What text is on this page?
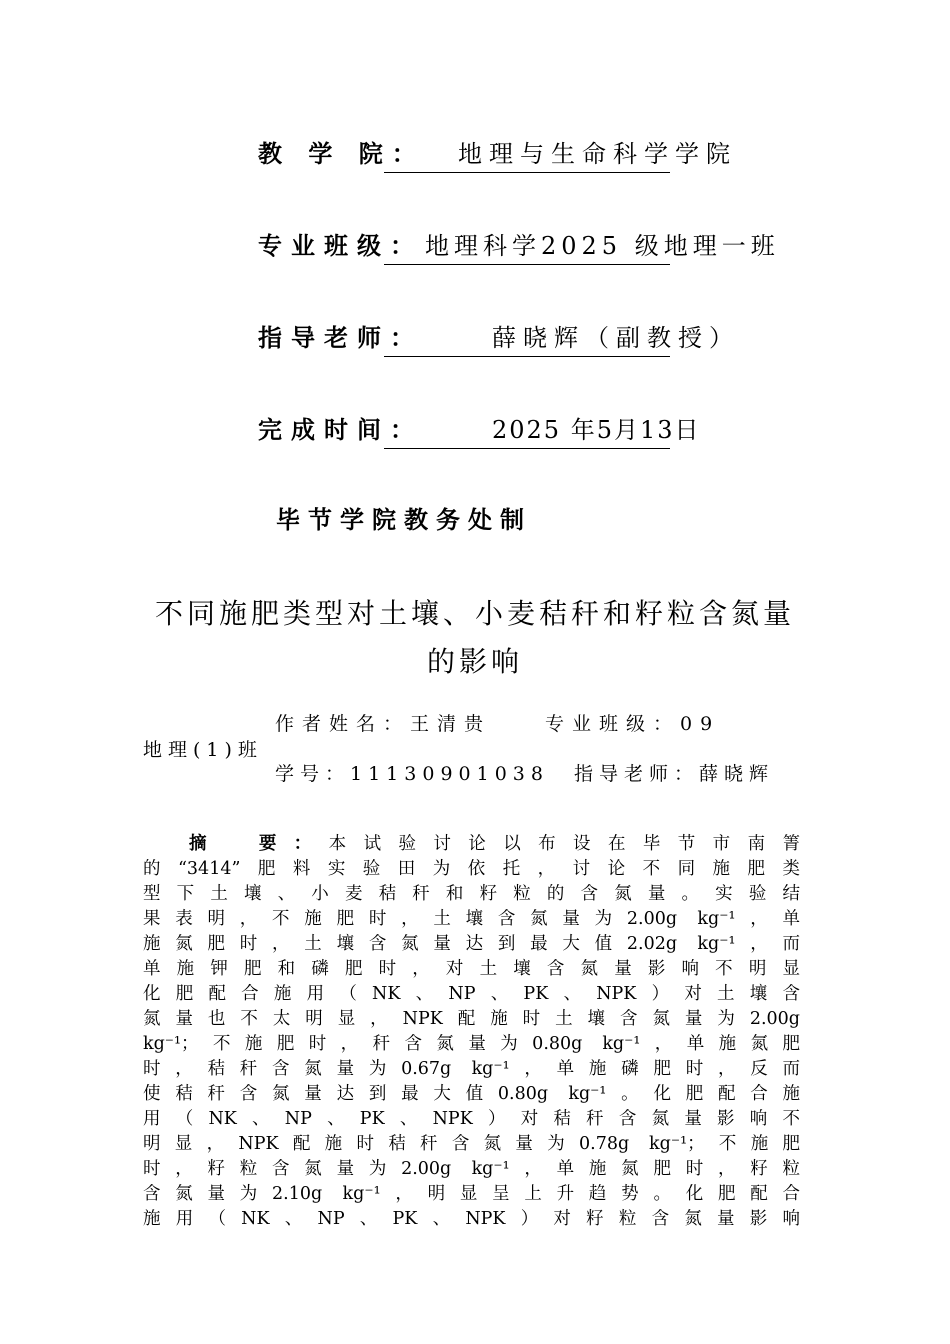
教 学 院： 地理与生命科学学院
专业班级： 地理科学2025 级地理一班
指导老师：	薛晓辉（副教授）
完成时间：	2025 年5月13日
毕节学院教务处制
不同施肥类型对土壤、小麦秸秆和籽粒含氮量
的影响
作者姓名：王清贵　　专业班级：09
地理(1)班
学号：11130901038　指导老师：薛晓辉
摘　要：本试验讨论以布设在毕节市南箐
的“3414”肥料实验田为依托，讨论不同施肥类
型下土壤、小麦秸秆和籽粒的含氮量。实验结
果表明，不施肥时，土壤含氮量为2.00g kg⁻¹，单
施氮肥时，土壤含氮量达到最大值2.02g kg⁻¹，而
单施钾肥和磷肥时，对土壤含氮量影响不明显
化肥配合施用（NK、NP、PK、NPK）对土壤含
氮量也不太明显，NPK配施时土壤含氮量为2.00g
kg⁻¹；不施肥时，秆含氮量为0.80g kg⁻¹，单施氮肥
时，秸秆含氮量为0.67g kg⁻¹，单施磷肥时，反而
使秸秆含氮量达到最大值0.80g kg⁻¹。化肥配合施
用（NK、NP、PK、NPK）对秸秆含氮量影响不
明显，NPK配施时秸秆含氮量为0.78g kg⁻¹；不施肥
时，籽粒含氮量为2.00g kg⁻¹，单施氮肥时，籽粒
含氮量为2.10g kg⁻¹，明显呈上升趋势。化肥配合
施用（NK、NP、PK、NPK）对籽粒含氮量影响
